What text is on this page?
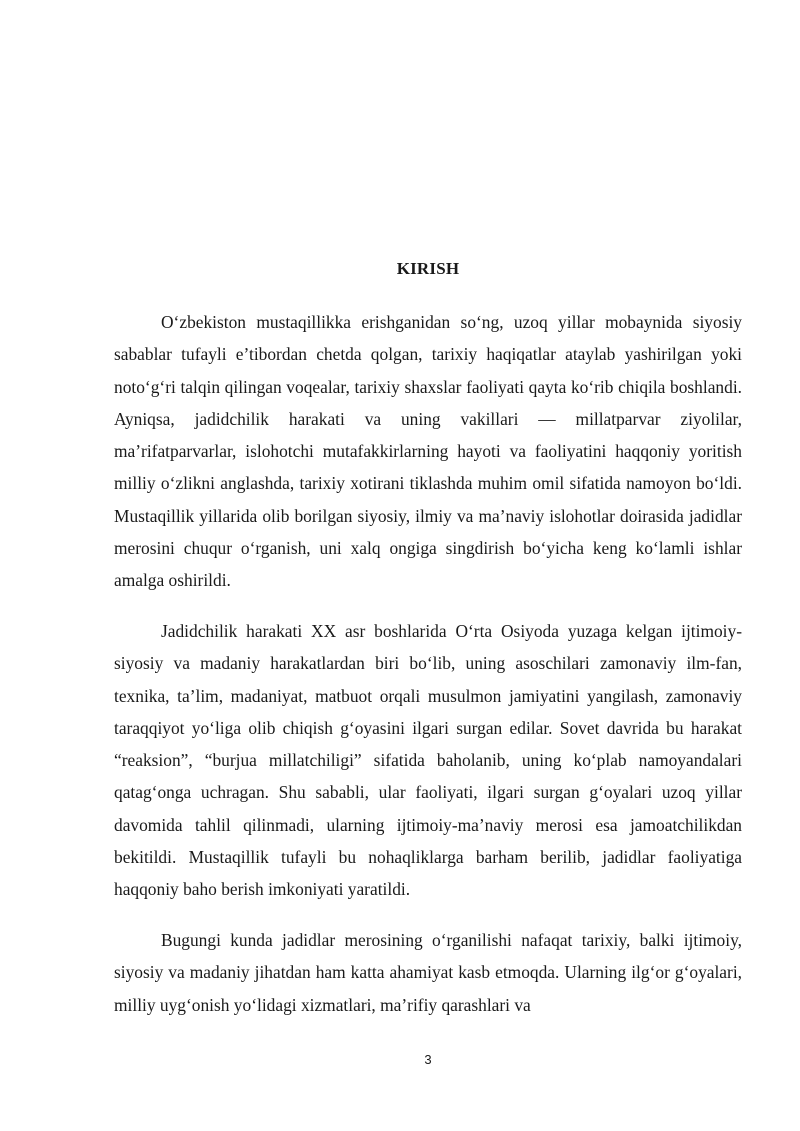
KIRISH

O‘zbekiston mustaqillikka erishganidan so‘ng, uzoq yillar mobaynida siyosiy sabablar tufayli e’tibordan chetda qolgan, tarixiy haqiqatlar ataylab yashirilgan yoki noto‘g‘ri talqin qilingan voqealar, tarixiy shaxslar faoliyati qayta ko‘rib chiqila boshlandi. Ayniqsa, jadidchilik harakati va uning vakillari — millatparvar ziyolilar, ma’rifatparvarlar, islohotchi mutafakkirlarning hayoti va faoliyatini haqqoniy yoritish milliy o‘zlikni anglashda, tarixiy xotirani tiklashda muhim omil sifatida namoyon bo‘ldi. Mustaqillik yillarida olib borilgan siyosiy, ilmiy va ma’naviy islohotlar doirasida jadidlar merosini chuqur o‘rganish, uni xalq ongiga singdirish bo‘yicha keng ko‘lamli ishlar amalga oshirildi.

Jadidchilik harakati XX asr boshlarida O‘rta Osiyoda yuzaga kelgan ijtimoiy-siyosiy va madaniy harakatlardan biri bo‘lib, uning asoschilari zamonaviy ilm-fan, texnika, ta’lim, madaniyat, matbuot orqali musulmon jamiyatini yangilash, zamonaviy taraqqiyot yo‘liga olib chiqish g‘oyasini ilgari surgan edilar. Sovet davrida bu harakat “reaksion”, “burjua millatchiligi” sifatida baholanib, uning ko‘plab namoyandalari qatag‘onga uchragan. Shu sababli, ular faoliyati, ilgari surgan g‘oyalari uzoq yillar davomida tahlil qilinmadi, ularning ijtimoiy-ma’naviy merosi esa jamoatchilikdan bekitildi. Mustaqillik tufayli bu nohaqliklarga barham berilib, jadidlar faoliyatiga haqqoniy baho berish imkoniyati yaratildi.

Bugungi kunda jadidlar merosining o‘rganilishi nafaqat tarixiy, balki ijtimoiy, siyosiy va madaniy jihatdan ham katta ahamiyat kasb etmoqda. Ularning ilg‘or g‘oyalari, milliy uyg‘onish yo‘lidagi xizmatlari, ma’rifiy qarashlari va

3
